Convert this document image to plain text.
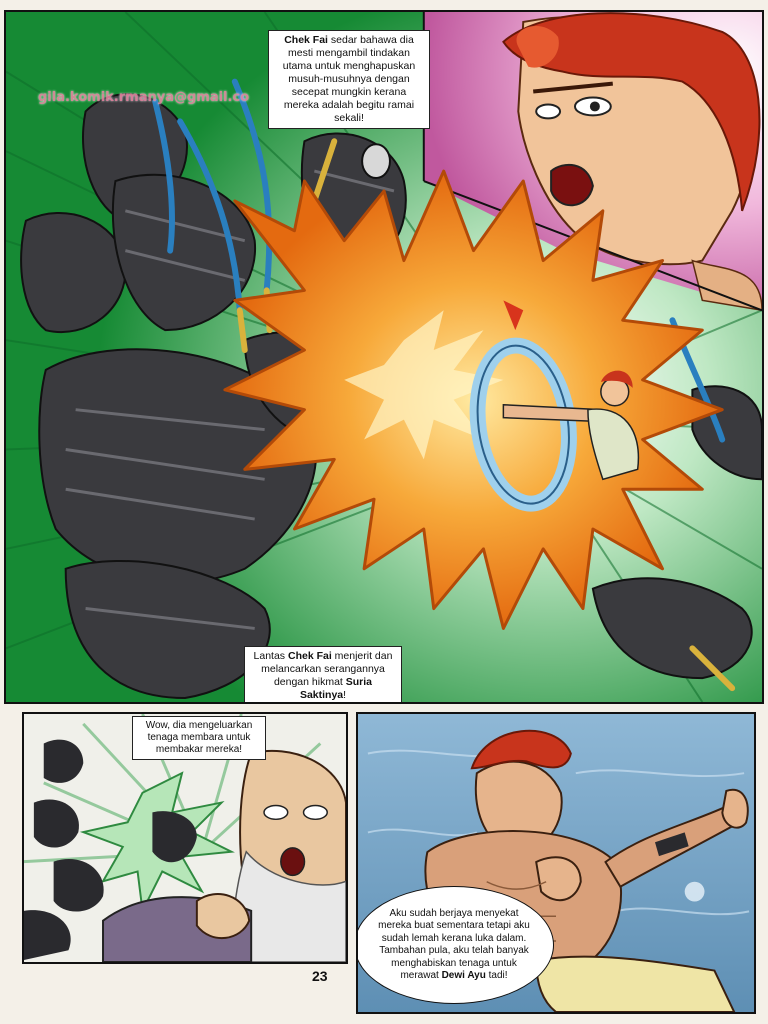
gila.komik.rmanya@gmail.co
Chek Fai sedar bahawa dia mesti mengambil tindakan utama untuk menghapuskan musuh-musuhnya dengan secepat mungkin kerana mereka adalah begitu ramai sekali!
Lantas Chek Fai menjerit dan melancarkan serangannya dengan hikmat Suria Saktinya!
Wow, dia mengeluarkan tenaga membara untuk membakar mereka!
Aku sudah berjaya menyekat mereka buat sementara tetapi aku sudah lemah kerana luka dalam. Tambahan pula, aku telah banyak menghabiskan tenaga untuk merawat Dewi Ayu tadi!
23
